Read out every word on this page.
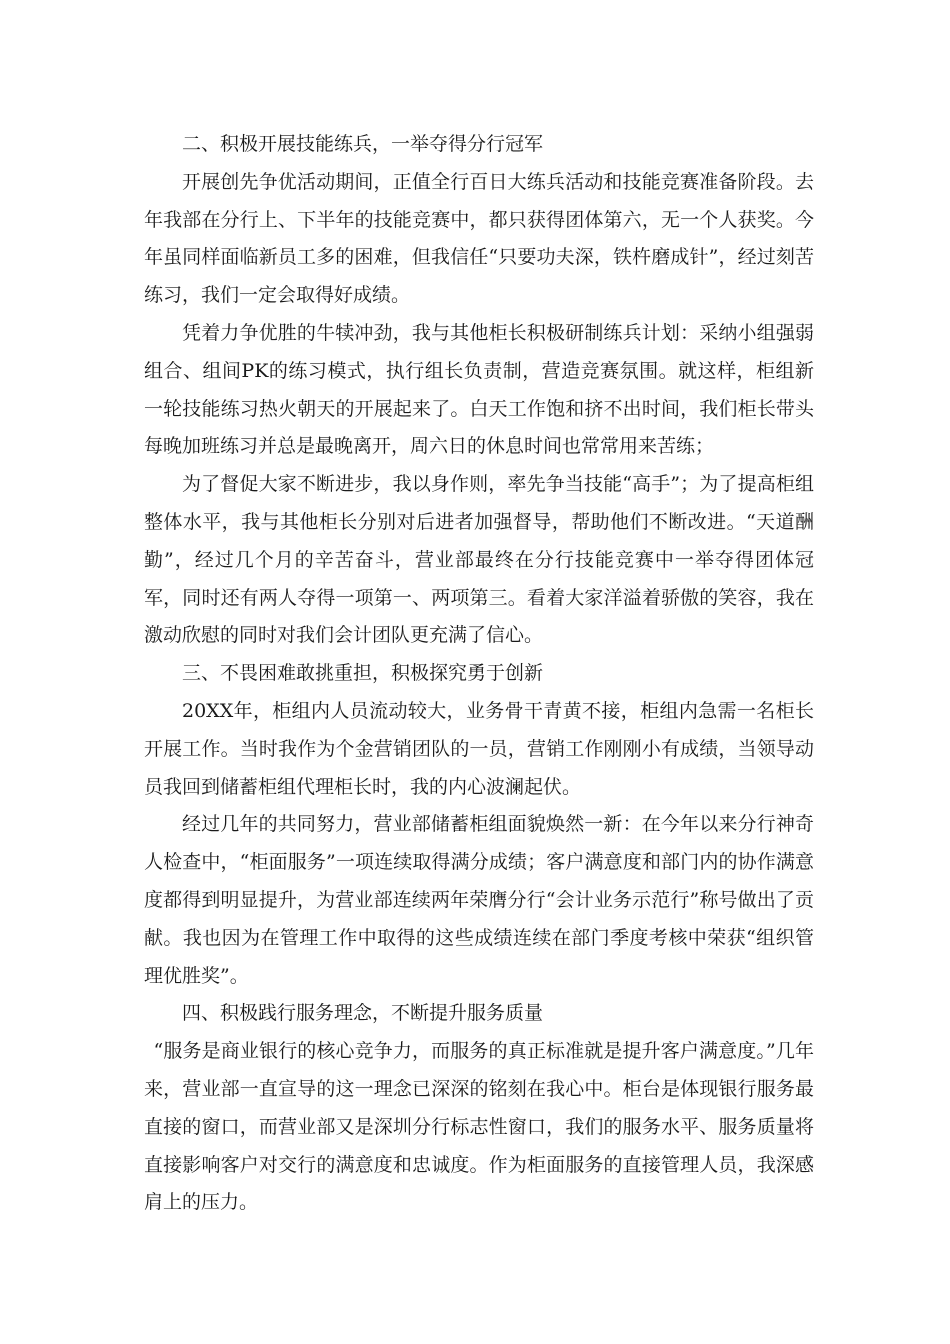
二、积极开展技能练兵，一举夺得分行冠军

开展创先争优活动期间，正值全行百日大练兵活动和技能竞赛准备阶段。去年我部在分行上、下半年的技能竞赛中，都只获得团体第六，无一个人获奖。今年虽同样面临新员工多的困难，但我信任“只要功夫深，铁杵磨成针”，经过刻苦练习，我们一定会取得好成绩。

凭着力争优胜的牛犊冲劲，我与其他柜长积极研制练兵计划：采纳小组强弱组合、组间PK的练习模式，执行组长负责制，营造竞赛氛围。就这样，柜组新一轮技能练习热火朝天的开展起来了。白天工作饱和挤不出时间，我们柜长带头每晚加班练习并总是最晚离开，周六日的休息时间也常常用来苦练；

为了督促大家不断进步，我以身作则，率先争当技能“高手”；为了提高柜组整体水平，我与其他柜长分别对后进者加强督导，帮助他们不断改进。“天道酬勤”，经过几个月的辛苦奋斗，营业部最终在分行技能竞赛中一举夺得团体冠军，同时还有两人夺得一项第一、两项第三。看着大家洋溢着骄傲的笑容，我在激动欣慰的同时对我们会计团队更充满了信心。

三、不畏困难敢挑重担，积极探究勇于创新

20XX年，柜组内人员流动较大，业务骨干青黄不接，柜组内急需一名柜长开展工作。当时我作为个金营销团队的一员，营销工作刚刚小有成绩，当领导动员我回到储蓄柜组代理柜长时，我的内心波澜起伏。

经过几年的共同努力，营业部储蓄柜组面貌焕然一新：在今年以来分行神奇人检查中，“柜面服务”一项连续取得满分成绩；客户满意度和部门内的协作满意度都得到明显提升，为营业部连续两年荣膺分行“会计业务示范行”称号做出了贡献。我也因为在管理工作中取得的这些成绩连续在部门季度考核中荣获“组织管理优胜奖”。

四、积极践行服务理念，不断提升服务质量

“服务是商业银行的核心竞争力，而服务的真正标准就是提升客户满意度。”几年来，营业部一直宣导的这一理念已深深的铭刻在我心中。柜台是体现银行服务最直接的窗口，而营业部又是深圳分行标志性窗口，我们的服务水平、服务质量将直接影响客户对交行的满意度和忠诚度。作为柜面服务的直接管理人员，我深感肩上的压力。
